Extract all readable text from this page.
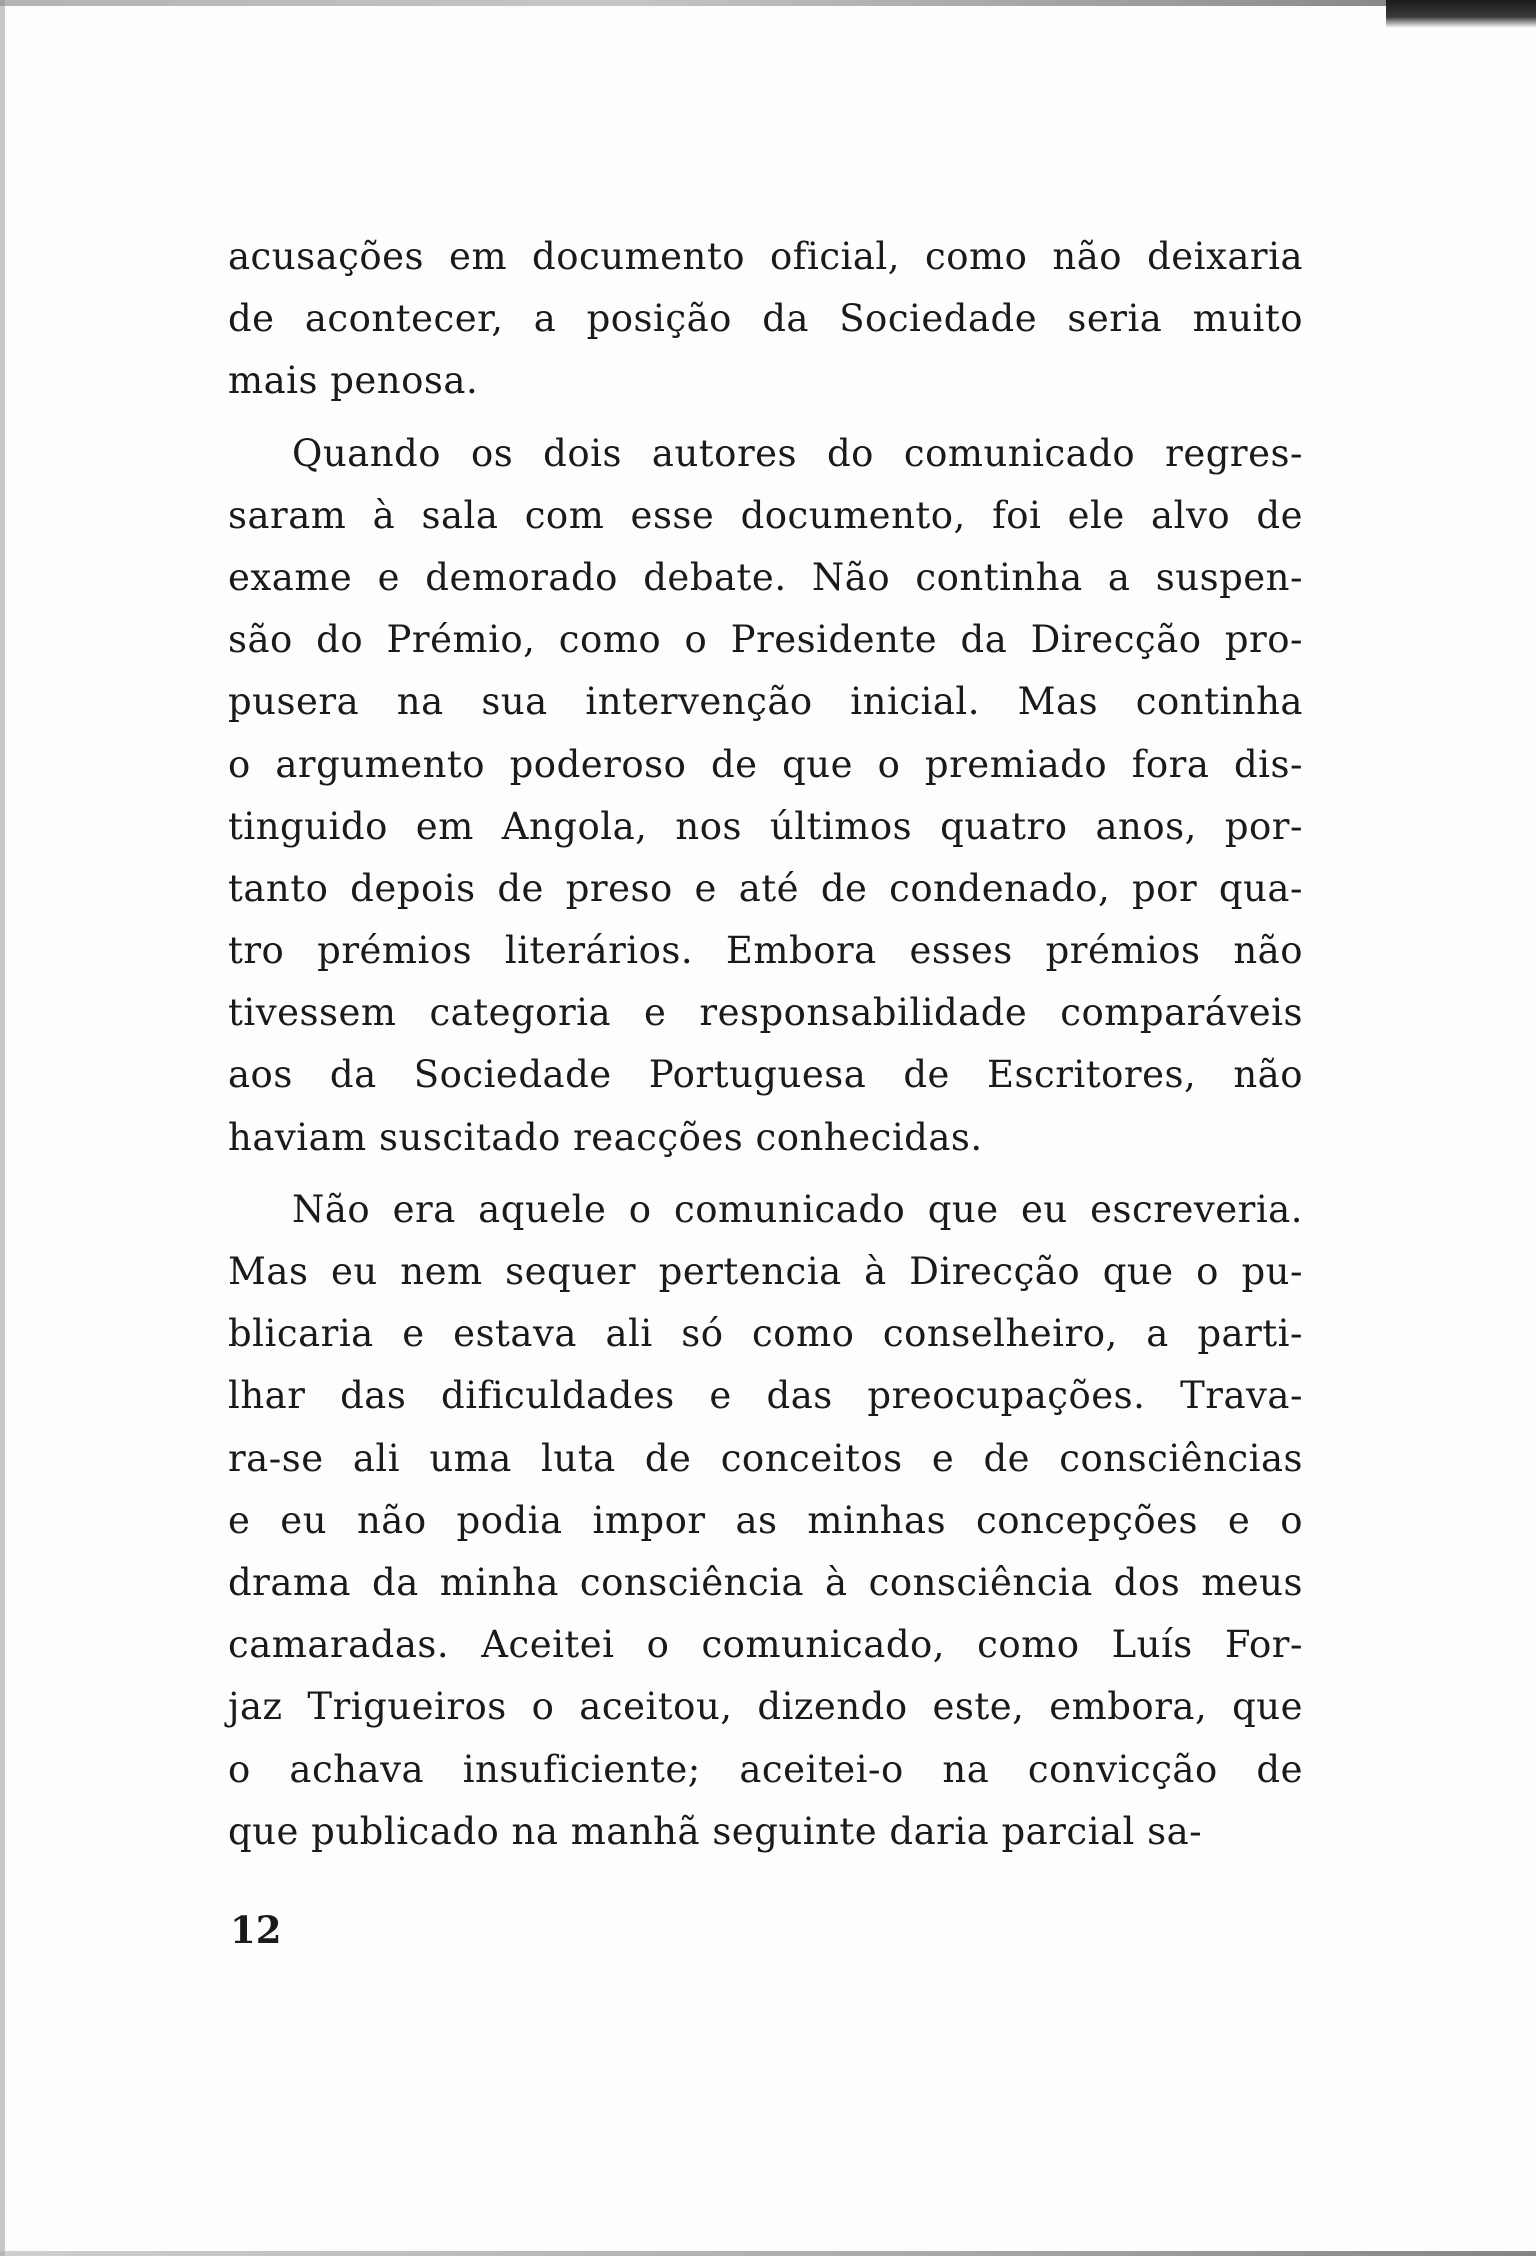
acusações em documento oficial, como não deixaria
de acontecer, a posição da Sociedade seria muito
mais penosa.
Quando os dois autores do comunicado regres-
saram à sala com esse documento, foi ele alvo de
exame e demorado debate. Não continha a suspen-
são do Prémio, como o Presidente da Direcção pro-
pusera na sua intervenção inicial. Mas continha
o argumento poderoso de que o premiado fora dis-
tinguido em Angola, nos últimos quatro anos, por-
tanto depois de preso e até de condenado, por qua-
tro prémios literários. Embora esses prémios não
tivessem categoria e responsabilidade comparáveis
aos da Sociedade Portuguesa de Escritores, não
haviam suscitado reacções conhecidas.
Não era aquele o comunicado que eu escreveria.
Mas eu nem sequer pertencia à Direcção que o pu-
blicaria e estava ali só como conselheiro, a parti-
lhar das dificuldades e das preocupações. Trava-
ra-se ali uma luta de conceitos e de consciências
e eu não podia impor as minhas concepções e o
drama da minha consciência à consciência dos meus
camaradas. Aceitei o comunicado, como Luís For-
jaz Trigueiros o aceitou, dizendo este, embora, que
o achava insuficiente; aceitei-o na convicção de
que publicado na manhã seguinte daria parcial sa-
12
